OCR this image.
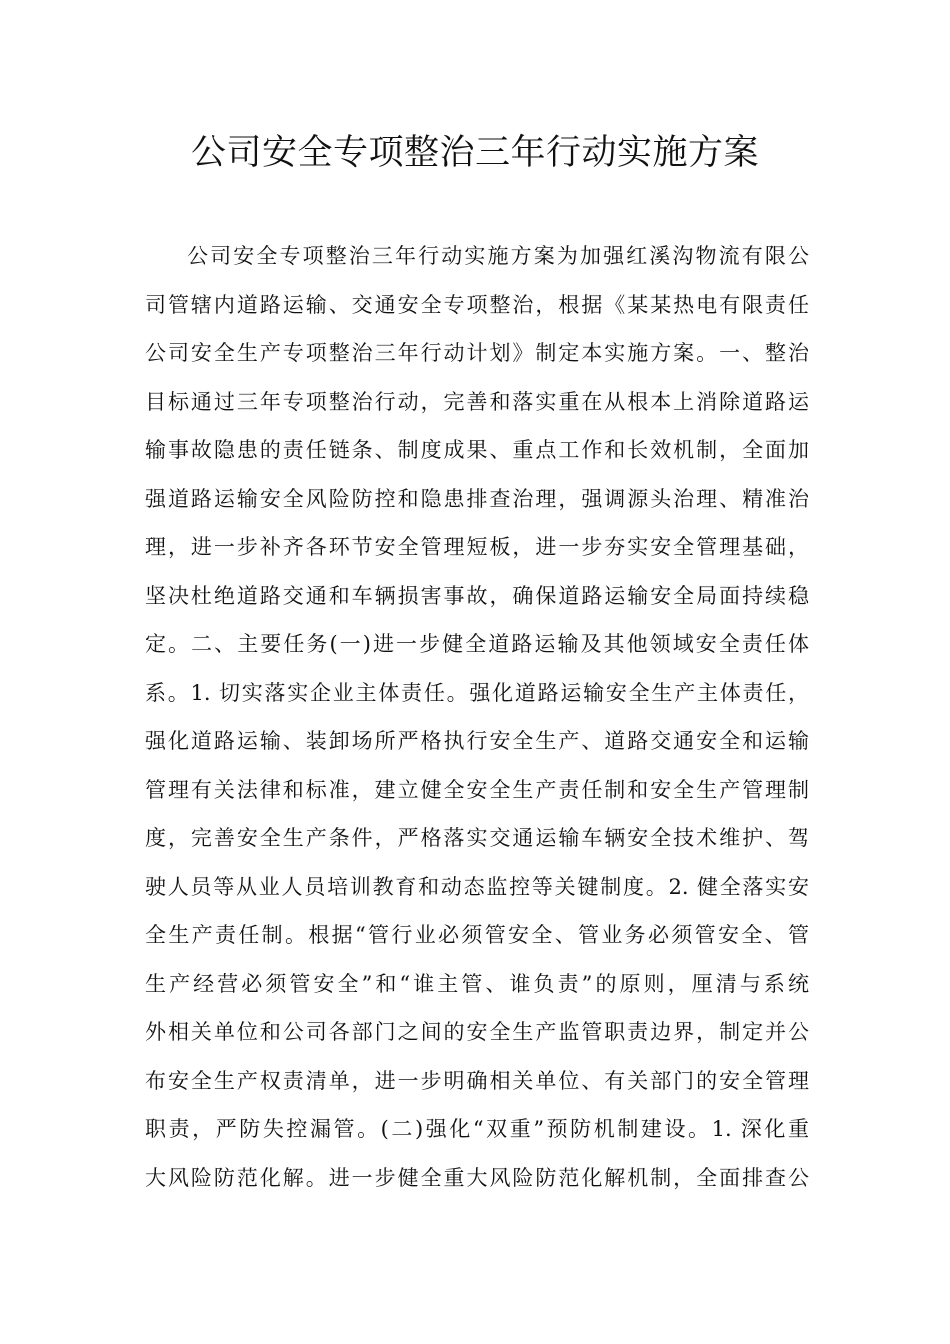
公司安全专项整治三年行动实施方案
公司安全专项整治三年行动实施方案为加强红溪沟物流有限公
司管辖内道路运输、交通安全专项整治，根据《某某热电有限责任
公司安全生产专项整治三年行动计划》制定本实施方案。一、整治
目标通过三年专项整治行动，完善和落实重在从根本上消除道路运
输事故隐患的责任链条、制度成果、重点工作和长效机制，全面加
强道路运输安全风险防控和隐患排查治理，强调源头治理、精准治
理，进一步补齐各环节安全管理短板，进一步夯实安全管理基础，
坚决杜绝道路交通和车辆损害事故，确保道路运输安全局面持续稳
定。二、主要任务(一)进一步健全道路运输及其他领域安全责任体
系。1. 切实落实企业主体责任。强化道路运输安全生产主体责任，
强化道路运输、装卸场所严格执行安全生产、道路交通安全和运输
管理有关法律和标准，建立健全安全生产责任制和安全生产管理制
度，完善安全生产条件，严格落实交通运输车辆安全技术维护、驾
驶人员等从业人员培训教育和动态监控等关键制度。2. 健全落实安
全生产责任制。根据“管行业必须管安全、管业务必须管安全、管
生产经营必须管安全”和“谁主管、谁负责”的原则，厘清与系统
外相关单位和公司各部门之间的安全生产监管职责边界，制定并公
布安全生产权责清单，进一步明确相关单位、有关部门的安全管理
职责，严防失控漏管。(二)强化“双重”预防机制建设。1. 深化重
大风险防范化解。进一步健全重大风险防范化解机制，全面排查公
